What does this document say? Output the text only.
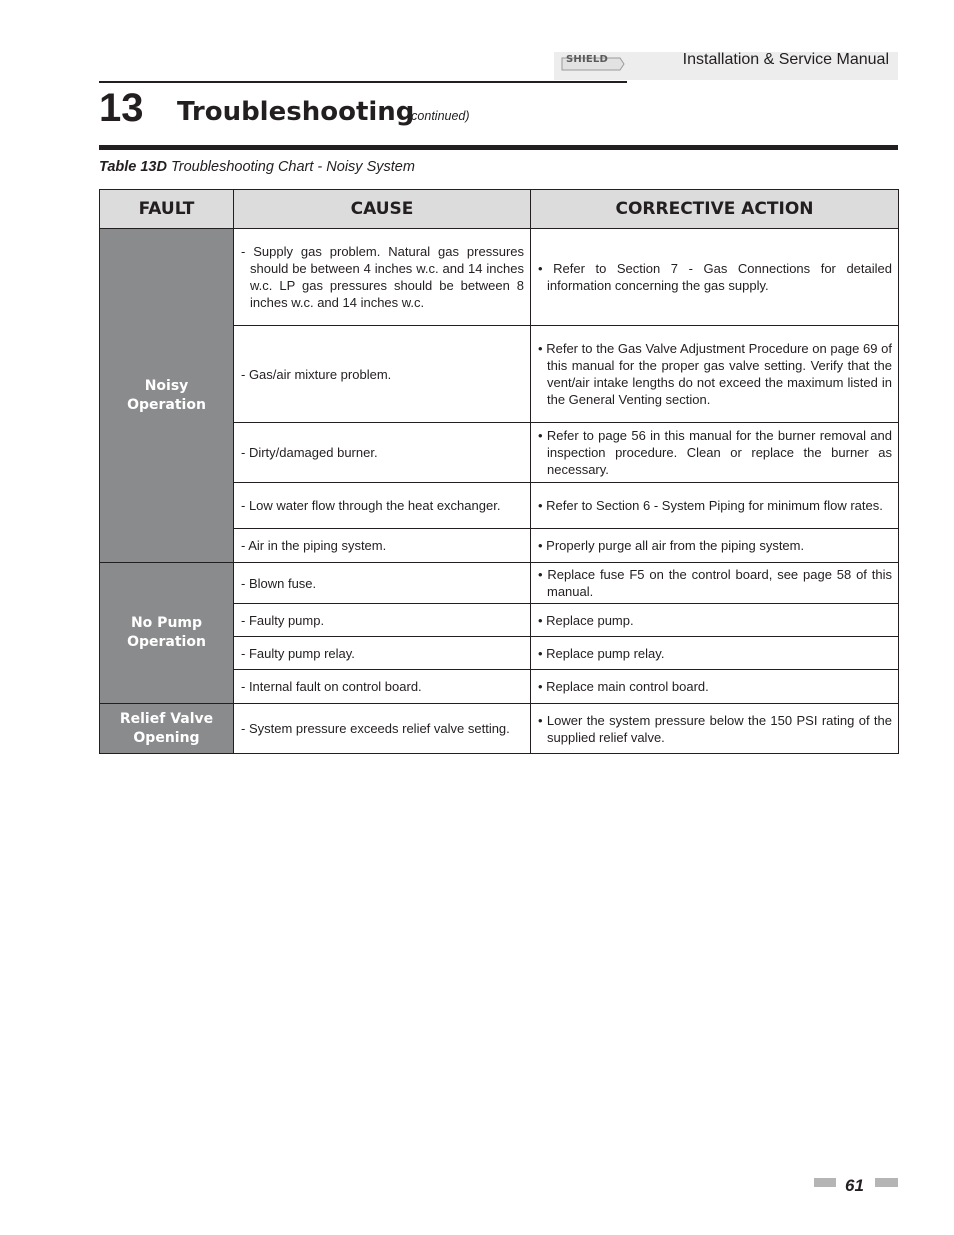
SHIELD	Installation & Service Manual
13 Troubleshooting
(continued)
Table 13D Troubleshooting Chart - Noisy System
FAULT	CAUSE	CORRECTIVE ACTION
Noisy
Operation	- Supply gas problem. Natural gas pressures should be between 4 inches w.c. and 14 inches w.c. LP gas pressures should be between 8 inches w.c. and 14 inches w.c.	• Refer to Section 7 - Gas Connections for detailed information concerning the gas supply.

	- Gas/air mixture problem.	• Refer to the Gas Valve Adjustment Procedure on page 69 of this manual for the proper gas valve setting. Verify that the vent/air intake lengths do not exceed the maximum listed in the General Venting section.

	- Dirty/damaged burner.	• Refer to page 56 in this manual for the burner removal and inspection procedure. Clean or replace the burner as necessary.

	- Low water flow through the heat exchanger.	• Refer to Section 6 - System Piping for minimum flow rates.

	- Air in the piping system.	• Properly purge all air from the piping system.

No Pump
Operation	- Blown fuse.	• Replace fuse F5 on the control board, see page 58 of this manual.

	- Faulty pump.	• Replace pump.

	- Faulty pump relay.	• Replace pump relay.

	- Internal fault on control board.	• Replace main control board.

Relief Valve
Opening	- System pressure exceeds relief valve setting.	• Lower the system pressure below the 150 PSI rating of the supplied relief valve.
61
